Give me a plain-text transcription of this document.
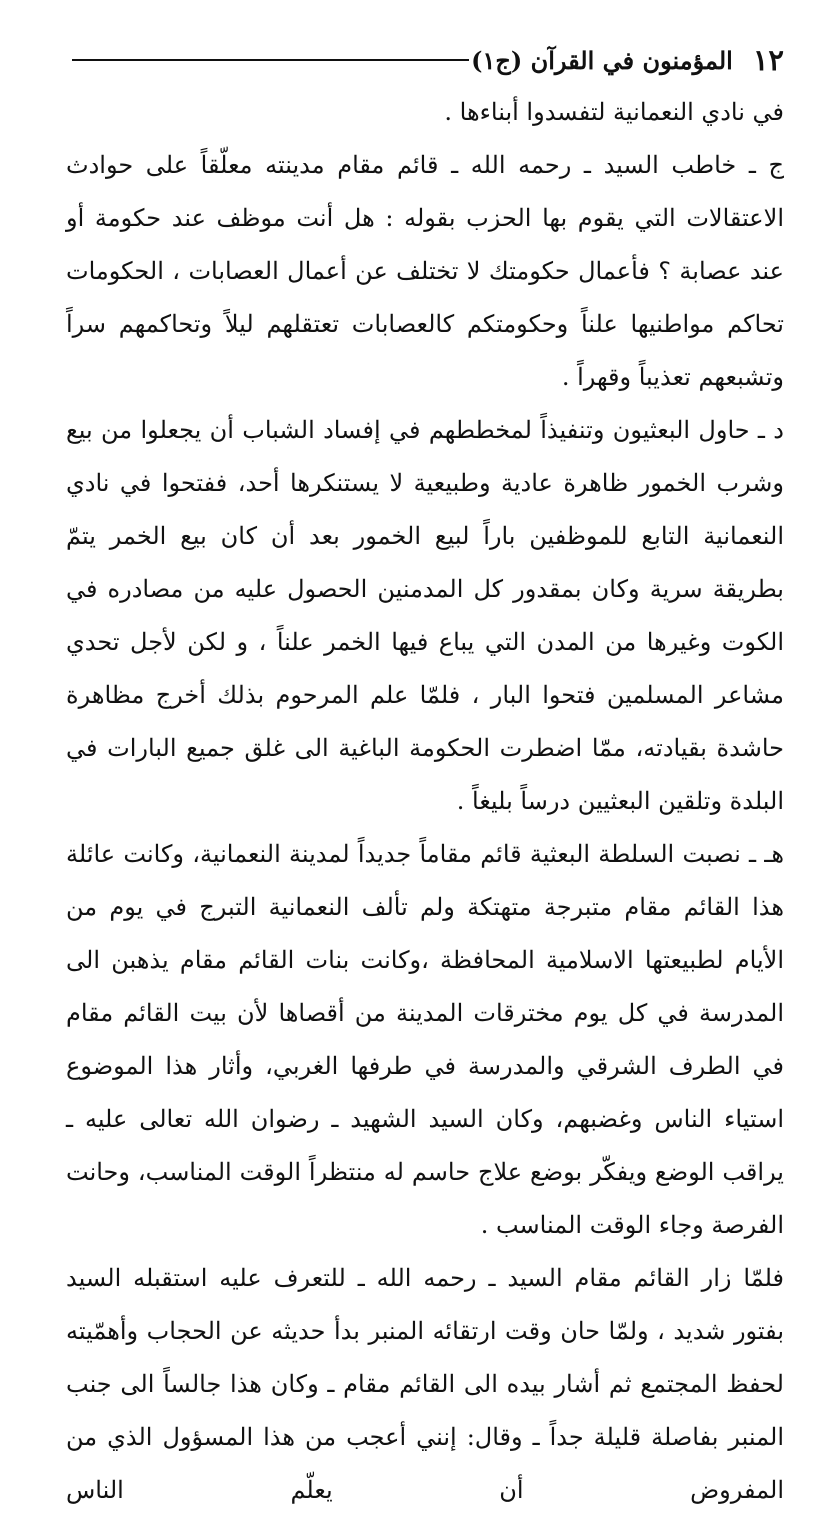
١٢
المؤمنون في القرآن (ج١)

في نادي النعمانية لتفسدوا أبناءها .

ج ـ خاطب السيد ـ رحمه الله ـ قائم مقام مدينته معلّقاً على حوادث الاعتقالات التي يقوم بها الحزب بقوله : هل أنت موظف عند حكومة أو عند عصابة ؟ فأعمال حكومتك لا تختلف عن أعمال العصابات ، الحكومات تحاكم مواطنيها علناً وحكومتكم كالعصابات تعتقلهم ليلاً وتحاكمهم سراً وتشبعهم تعذيباً وقهراً .

د ـ حاول البعثيون وتنفيذاً لمخططهم في إفساد الشباب أن يجعلوا من بيع وشرب الخمور ظاهرة عادية وطبيعية لا يستنكرها أحد، ففتحوا في نادي النعمانية التابع للموظفين باراً لبيع الخمور بعد أن كان بيع الخمر يتمّ بطريقة سرية وكان بمقدور كل المدمنين الحصول عليه من مصادره في الكوت وغيرها من المدن التي يباع فيها الخمر علناً ، و لكن لأجل تحدي مشاعر المسلمين فتحوا البار ، فلمّا علم المرحوم بذلك أخرج مظاهرة حاشدة بقيادته، ممّا اضطرت الحكومة الباغية الى غلق جميع البارات في البلدة وتلقين البعثيين درساً بليغاً .

هـ ـ نصبت السلطة البعثية قائم مقاماً جديداً لمدينة النعمانية، وكانت عائلة هذا القائم مقام متبرجة متهتكة ولم تألف النعمانية التبرج في يوم من الأيام لطبيعتها الاسلامية المحافظة ،وكانت بنات القائم مقام يذهبن الى المدرسة في كل يوم مخترقات المدينة من أقصاها لأن بيت القائم مقام في الطرف الشرقي والمدرسة في طرفها الغربي، وأثار هذا الموضوع استياء الناس وغضبهم، وكان السيد الشهيد ـ رضوان الله تعالى عليه ـ يراقب الوضع ويفكّر بوضع علاج حاسم له منتظراً الوقت المناسب، وحانت الفرصة وجاء الوقت المناسب .

فلمّا زار القائم مقام السيد ـ رحمه الله ـ للتعرف عليه استقبله السيد بفتور شديد ، ولمّا حان وقت ارتقائه المنبر بدأ حديثه عن الحجاب وأهمّيته لحفظ المجتمع ثم أشار بيده الى القائم مقام ـ وكان هذا جالساً الى جنب المنبر بفاصلة قليلة جداً ـ وقال: إنني أعجب من هذا المسؤول الذي من المفروض أن يعلّم الناس
